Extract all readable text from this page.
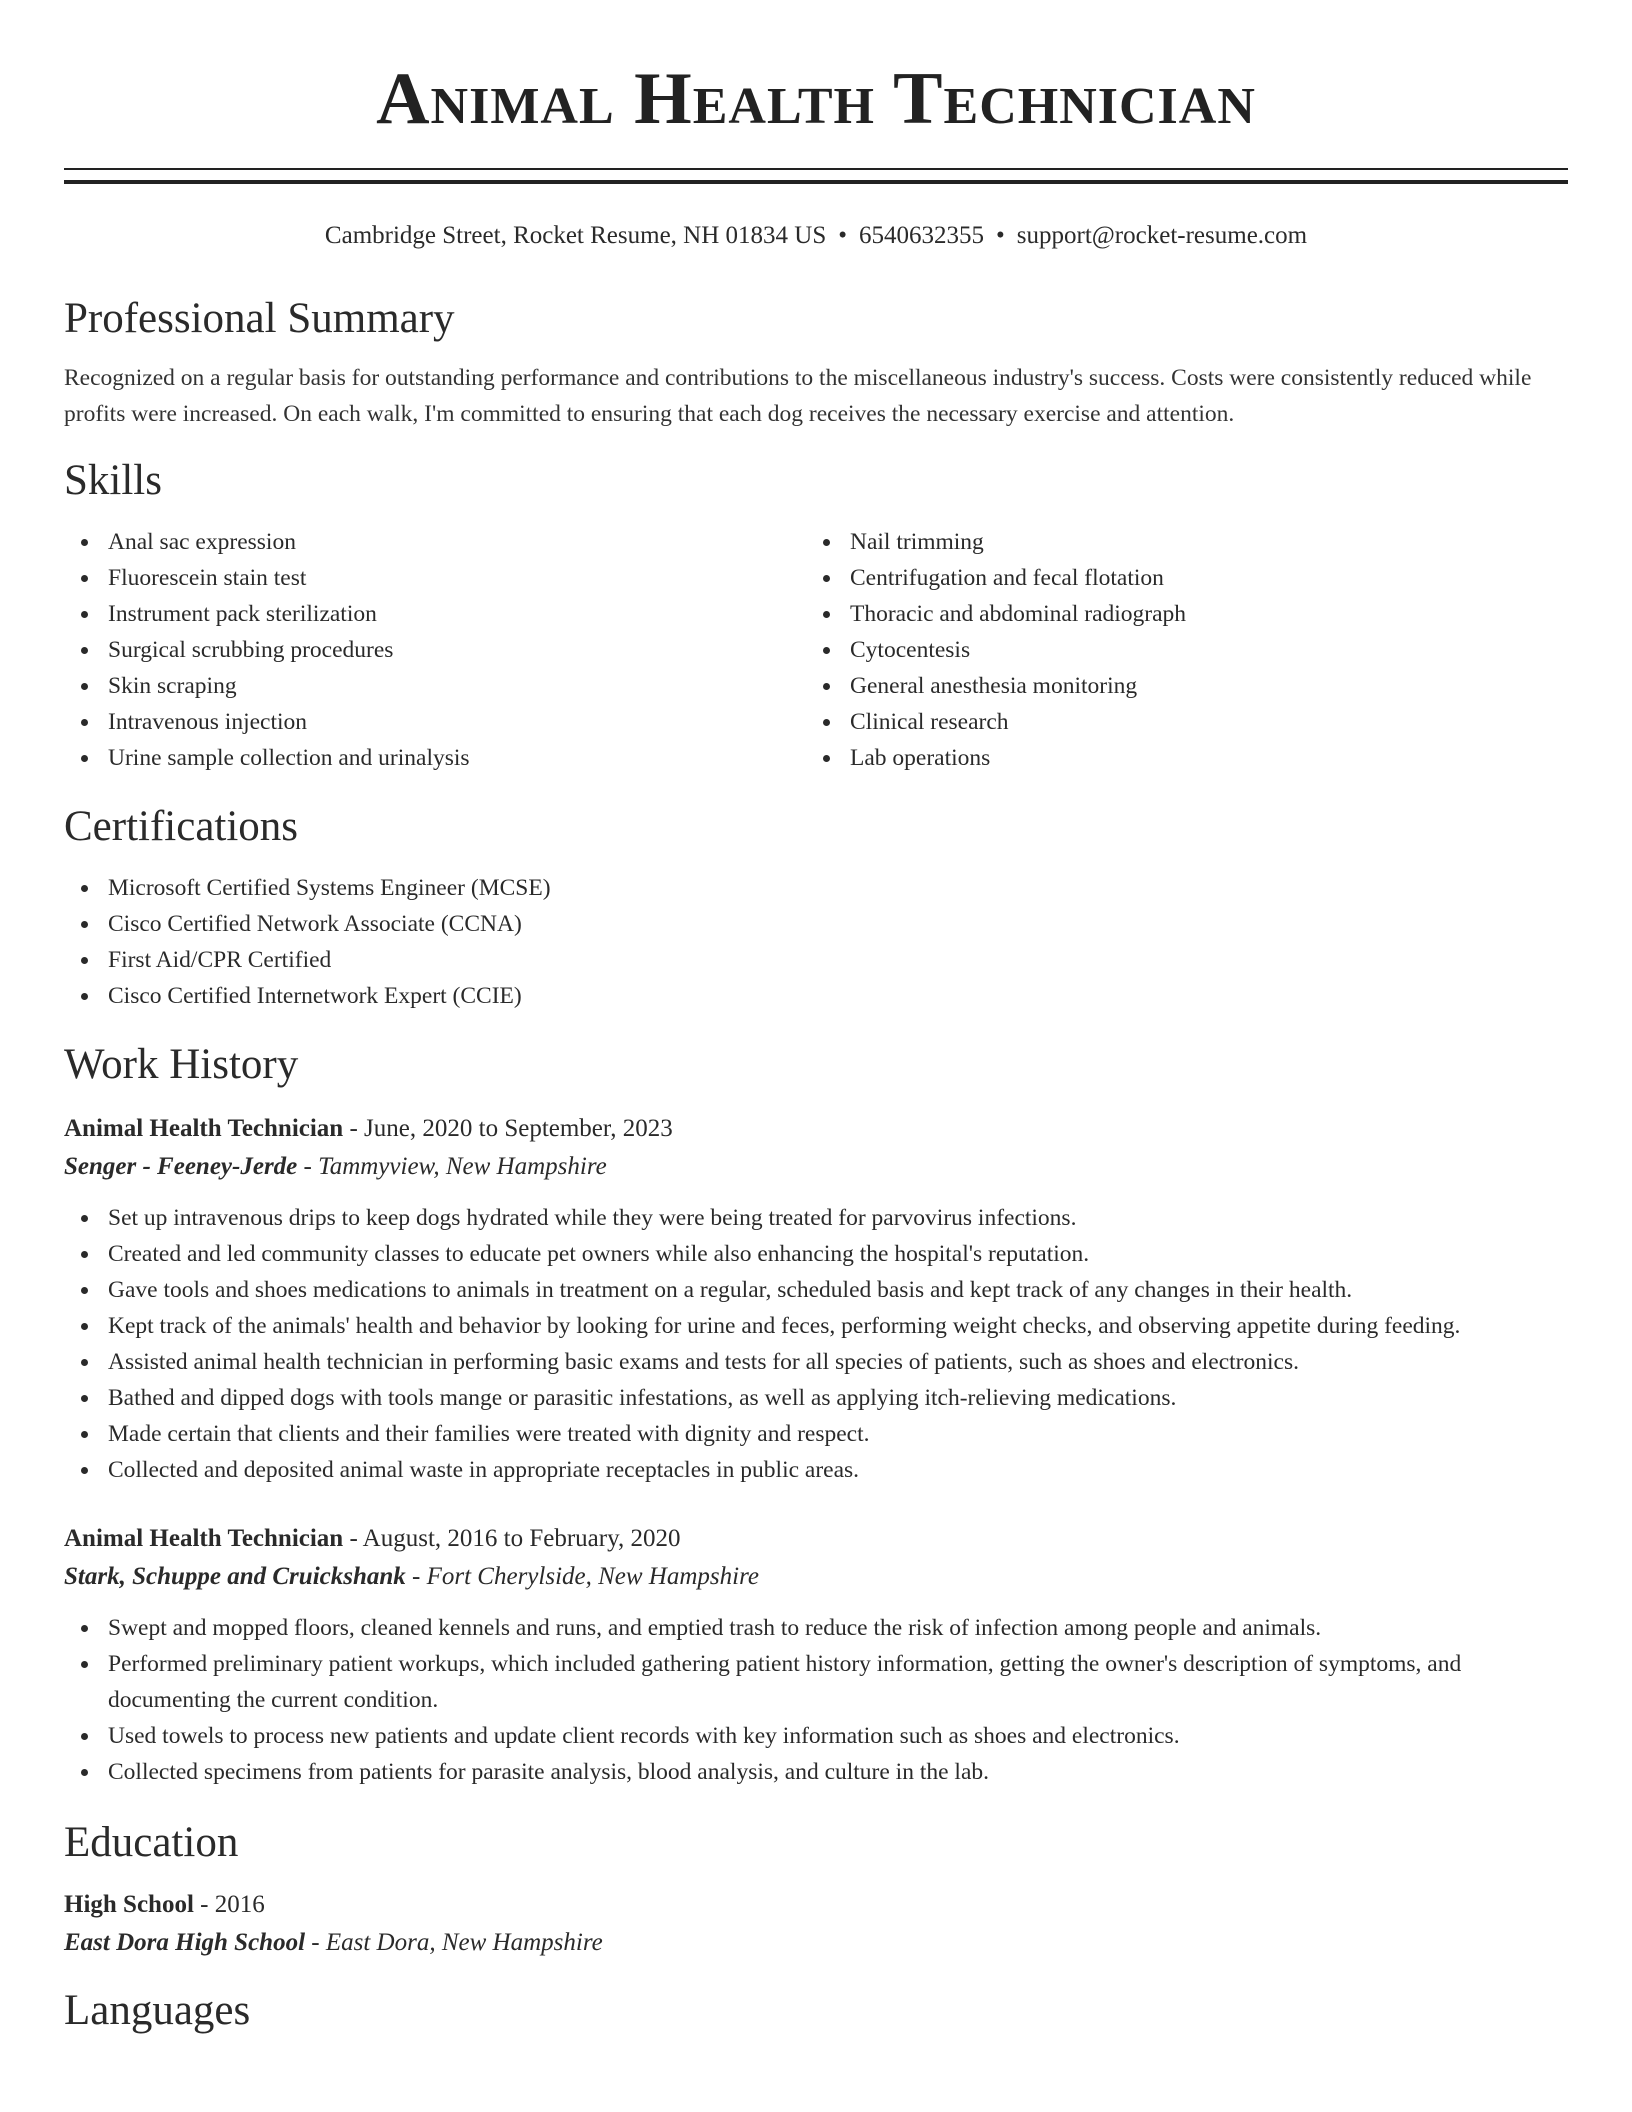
Animal Health Technician
Cambridge Street, Rocket Resume, NH 01834 US • 6540632355 • support@rocket-resume.com
Professional Summary

Recognized on a regular basis for outstanding performance and contributions to the miscellaneous industry's success. Costs were consistently reduced while profits were increased. On each walk, I'm committed to ensuring that each dog receives the necessary exercise and attention.

Skills
Anal sac expression
Fluorescein stain test
Instrument pack sterilization
Surgical scrubbing procedures
Skin scraping
Intravenous injection
Urine sample collection and urinalysis
Nail trimming
Centrifugation and fecal flotation
Thoracic and abdominal radiograph
Cytocentesis
General anesthesia monitoring
Clinical research
Lab operations
Certifications
Microsoft Certified Systems Engineer (MCSE)
Cisco Certified Network Associate (CCNA)
First Aid/CPR Certified
Cisco Certified Internetwork Expert (CCIE)
Work History
Animal Health Technician - June, 2020 to September, 2023
Senger - Feeney-Jerde - Tammyview, New Hampshire
Set up intravenous drips to keep dogs hydrated while they were being treated for parvovirus infections.
Created and led community classes to educate pet owners while also enhancing the hospital's reputation.
Gave tools and shoes medications to animals in treatment on a regular, scheduled basis and kept track of any changes in their health.
Kept track of the animals' health and behavior by looking for urine and feces, performing weight checks, and observing appetite during feeding.
Assisted animal health technician in performing basic exams and tests for all species of patients, such as shoes and electronics.
Bathed and dipped dogs with tools mange or parasitic infestations, as well as applying itch-relieving medications.
Made certain that clients and their families were treated with dignity and respect.
Collected and deposited animal waste in appropriate receptacles in public areas.
Animal Health Technician - August, 2016 to February, 2020
Stark, Schuppe and Cruickshank - Fort Cherylside, New Hampshire
Swept and mopped floors, cleaned kennels and runs, and emptied trash to reduce the risk of infection among people and animals.
Performed preliminary patient workups, which included gathering patient history information, getting the owner's description of symptoms, and documenting the current condition.
Used towels to process new patients and update client records with key information such as shoes and electronics.
Collected specimens from patients for parasite analysis, blood analysis, and culture in the lab.
Education
High School - 2016
East Dora High School - East Dora, New Hampshire
Languages
